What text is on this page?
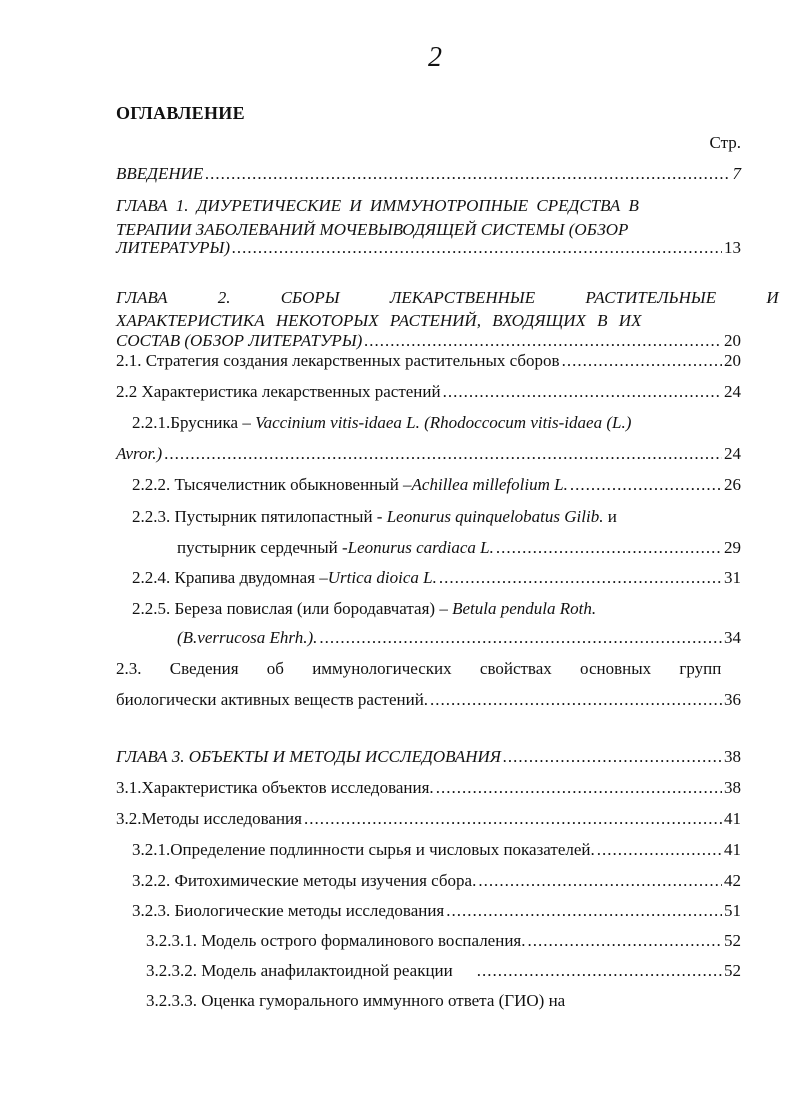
2
ОГЛАВЛЕНИЕ
Стр.
ВВЕДЕНИЕ .....	7
ГЛАВА 1. ДИУРЕТИЧЕСКИЕ И ИММУНОТРОПНЫЕ СРЕДСТВА В
ТЕРАПИИ ЗАБОЛЕВАНИЙ МОЧЕВЫВОДЯЩЕЙ СИСТЕМЫ (ОБЗОР
ЛИТЕРАТУРЫ) .....	13
ГЛАВА 2. СБОРЫ ЛЕКАРСТВЕННЫЕ РАСТИТЕЛЬНЫЕ И
ХАРАКТЕРИСТИКА НЕКОТОРЫХ РАСТЕНИЙ, ВХОДЯЩИХ В ИХ
СОСТАВ (ОБЗОР ЛИТЕРАТУРЫ) .....	20
2.1. Стратегия создания лекарственных растительных сборов .....	20
2.2 Характеристика лекарственных растений .....	24
2.2.1.Брусника – Vaccinium vitis-idaea L. (Rhodoccocum vitis-idaea (L.)
Avror.) .....	24
2.2.2. Тысячелистник обыкновенный – Achillea millefolium L. .....	26
2.2.3. Пустырник пятилопастный - Leonurus quinquelobatus Gilib. и
пустырник сердечный - Leonurus cardiaca L. .....	29
2.2.4. Крапива двудомная – Urtica dioica L. .....	31
2.2.5. Береза повислая (или бородавчатая) – Betula pendula Roth.
(B.verrucosa Ehrh.). .....	34
2.3. Сведения об иммунологических свойствах основных групп
биологически активных веществ растений. .....	36
ГЛАВА 3. ОБЪЕКТЫ И МЕТОДЫ ИССЛЕДОВАНИЯ .....	38
3.1.Характеристика объектов исследования. .....	38
3.2.Методы исследования .....	41
3.2.1.Определение подлинности сырья и числовых показателей. .....	41
3.2.2. Фитохимические методы изучения сбора. .....	42
3.2.3. Биологические методы исследования .....	51
3.2.3.1. Модель острого формалинового воспаления. .....	52
3.2.3.2. Модель анафилактоидной реакции .....	52
3.2.3.3. Оценка гуморального иммунного ответа (ГИО) на
